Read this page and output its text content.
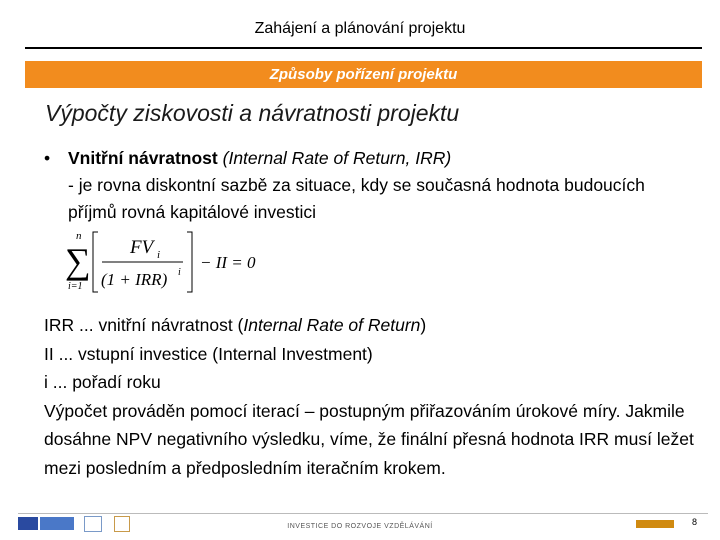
Zahájení a plánování projektu
Způsoby pořízení projektu
Výpočty ziskovosti a návratnosti projektu
• Vnitřní návratnost (Internal Rate of Return, IRR)
- je rovna diskontní sazbě za situace, kdy se současná hodnota budoucích příjmů rovná kapitálové investici
n
∑
i=1
FV i
(1 + IRR) i
− II = 0
IRR ... vnitřní návratnost (Internal Rate of Return)
II ... vstupní investice (Internal Investment)
i ... pořadí roku
Výpočet prováděn pomocí iterací – postupným přiřazováním úrokové míry. Jakmile dosáhne NPV negativního výsledku, víme, že finální přesná hodnota IRR musí ležet mezi posledním a předposledním iteračním krokem.
INVESTICE DO ROZVOJE VZDĚLÁVÁNÍ	8
